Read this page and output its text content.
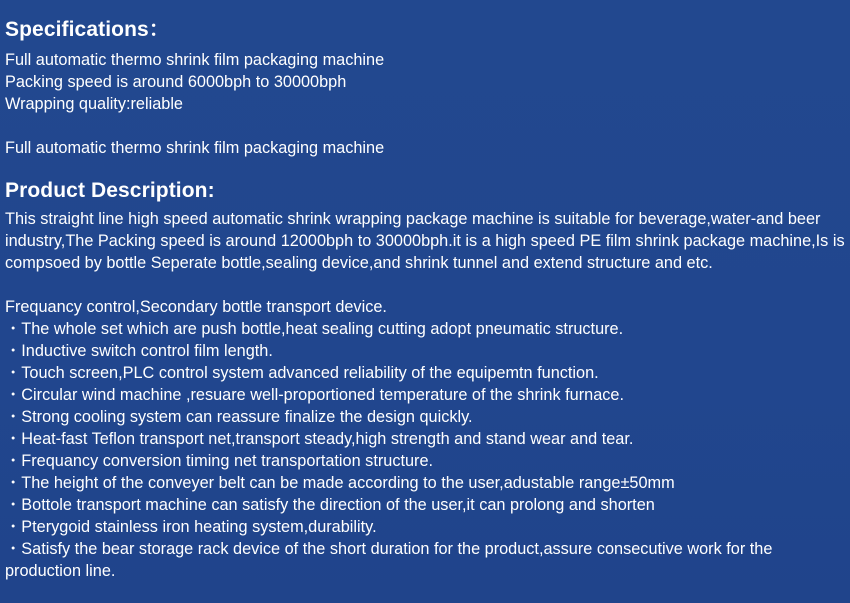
Specifications：
Full automatic thermo shrink film packaging machine
Packing speed is around 6000bph to 30000bph
Wrapping quality:reliable
Full automatic thermo shrink film packaging machine
Product Description:
This straight line high speed automatic shrink wrapping package machine is suitable for beverage,water-and beer industry,The Packing speed is around 12000bph to 30000bph.it is a high speed PE film shrink package machine,Is is compsoed by bottle Seperate bottle,sealing device,and shrink tunnel and extend structure and etc.
Frequancy control,Secondary bottle transport device.
・The whole set which are push bottle,heat sealing cutting adopt pneumatic structure.
・Inductive switch control film length.
・Touch screen,PLC control system advanced reliability of the equipemtn function.
・Circular wind machine ,resuare well-proportioned temperature of the shrink furnace.
・Strong cooling system can reassure finalize the design quickly.
・Heat-fast Teflon transport net,transport steady,high strength and stand wear and tear.
・Frequancy conversion timing net transportation structure.
・The height of the conveyer belt can be made according to the user,adustable range±50mm
・Bottole transport machine can satisfy the direction of the user,it can prolong and shorten
・Pterygoid stainless iron heating system,durability.
・Satisfy the bear storage rack device of the short duration for the product,assure consecutive work for the
production line.
